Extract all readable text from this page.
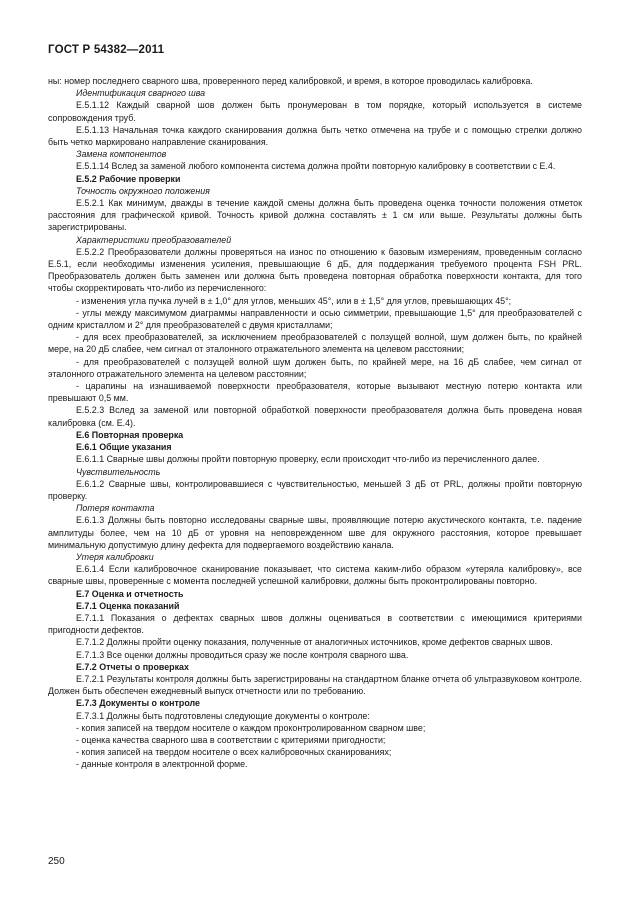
ГОСТ Р 54382—2011

ны: номер последнего сварного шва, проверенного перед калибровкой, и время, в которое проводилась калибровка.

Идентификация сварного шва

Е.5.1.12 Каждый сварной шов должен быть пронумерован в том порядке, который используется в системе сопровождения труб.

Е.5.1.13 Начальная точка каждого сканирования должна быть четко отмечена на трубе и с помощью стрелки должно быть четко маркировано направление сканирования.

Замена компонентов

Е.5.1.14 Вслед за заменой любого компонента система должна пройти повторную калибровку в соответствии с Е.4.

Е.5.2 Рабочие проверки

Точность окружного положения

Е.5.2.1 Как минимум, дважды в течение каждой смены должна быть проведена оценка точности положения отметок расстояния для графической кривой. Точность кривой должна составлять ± 1 см или выше. Результаты должны быть зарегистрированы.

Характеристики преобразователей

Е.5.2.2 Преобразователи должны проверяться на износ по отношению к базовым измерениям, проведенным согласно Е.5.1, если необходимы изменения усиления, превышающие 6 дБ, для поддержания требуемого процента FSH PRL. Преобразователь должен быть заменен или должна быть проведена повторная обработка поверхности контакта, для того чтобы скорректировать что-либо из перечисленного:

- изменения угла пучка лучей в ± 1,0° для углов, меньших 45°, или в ± 1,5° для углов, превышающих 45°;

- углы между максимумом диаграммы направленности и осью симметрии, превышающие 1,5° для преобразователей с одним кристаллом и 2° для преобразователей с двумя кристаллами;

- для всех преобразователей, за исключением преобразователей с ползущей волной, шум должен быть, по крайней мере, на 20 дБ слабее, чем сигнал от эталонного отражательного элемента на целевом расстоянии;

- для преобразователей с ползущей волной шум должен быть, по крайней мере, на 16 дБ слабее, чем сигнал от эталонного отражательного элемента на целевом расстоянии;

- царапины на изнашиваемой поверхности преобразователя, которые вызывают местную потерю контакта или превышают 0,5 мм.

Е.5.2.3 Вслед за заменой или повторной обработкой поверхности преобразователя должна быть проведена новая калибровка (см. Е.4).

Е.6 Повторная проверка

Е.6.1 Общие указания

Е.6.1.1 Сварные швы должны пройти повторную проверку, если происходит что-либо из перечисленного далее.

Чувствительность

Е.6.1.2 Сварные швы, контролировавшиеся с чувствительностью, меньшей 3 дБ от PRL, должны пройти повторную проверку.

Потеря контакта

Е.6.1.3 Должны быть повторно исследованы сварные швы, проявляющие потерю акустического контакта, т.е. падение амплитуды более, чем на 10 дБ от уровня на неповрежденном шве для окружного расстояния, которое превышает минимальную допустимую длину дефекта для подвергаемого воздействию канала.

Утеря калибровки

Е.6.1.4 Если калибровочное сканирование показывает, что система каким-либо образом «утеряла калибровку», все сварные швы, проверенные с момента последней успешной калибровки, должны быть проконтролированы повторно.

Е.7 Оценка и отчетность

Е.7.1 Оценка показаний

Е.7.1.1 Показания о дефектах сварных швов должны оцениваться в соответствии с имеющимися критериями пригодности дефектов.

Е.7.1.2 Должны пройти оценку показания, полученные от аналогичных источников, кроме дефектов сварных швов.

Е.7.1.3 Все оценки должны проводиться сразу же после контроля сварного шва.

Е.7.2 Отчеты о проверках

Е.7.2.1 Результаты контроля должны быть зарегистрированы на стандартном бланке отчета об ультразвуковом контроле. Должен быть обеспечен ежедневный выпуск отчетности или по требованию.

Е.7.3 Документы о контроле

Е.7.3.1 Должны быть подготовлены следующие документы о контроле:

- копия записей на твердом носителе о каждом проконтролированном сварном шве;

- оценка качества сварного шва в соответствии с критериями пригодности;

- копия записей на твердом носителе о всех калибровочных сканированиях;

- данные контроля в электронной форме.

250
